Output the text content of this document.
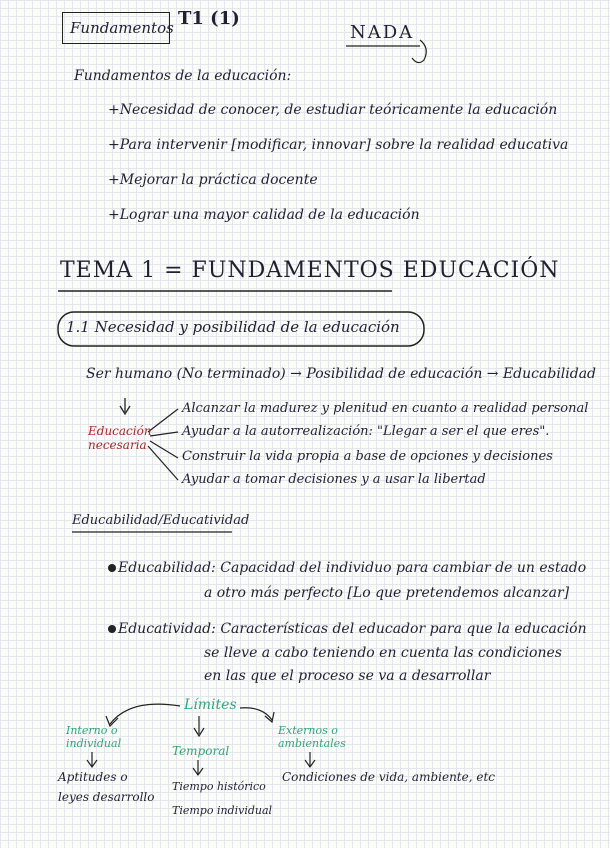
Fundamentos T1 (1)
NADA
Fundamentos de la educación:
+Necesidad de conocer, de estudiar teóricamente la educación
+Para intervenir [modificar, innovar] sobre la realidad educativa
+Mejorar la práctica docente
+Lograr una mayor calidad de la educación
TEMA 1 = FUNDAMENTOS EDUCACIÓN
1.1 Necesidad y posibilidad de la educación
Ser humano (No terminado) → Posibilidad de educación → Educabilidad
Educación
necesaria
Alcanzar la madurez y plenitud en cuanto a realidad personal
Ayudar a la autorrealización: "Llegar a ser el que eres".
Construir la vida propia a base de opciones y decisiones
Ayudar a tomar decisiones y a usar la libertad
Educabilidad/Educatividad
Educabilidad: Capacidad del individuo para cambiar de un estado
a otro más perfecto [Lo que pretendemos alcanzar]
Educatividad: Características del educador para que la educación
se lleve a cabo teniendo en cuenta las condiciones
en las que el proceso se va a desarrollar
Límites
Interno o
individual
Aptitudes o
leyes desarrollo
Temporal
Tiempo histórico
Tiempo individual
Externos o
ambientales
Condiciones de vida, ambiente, etc
